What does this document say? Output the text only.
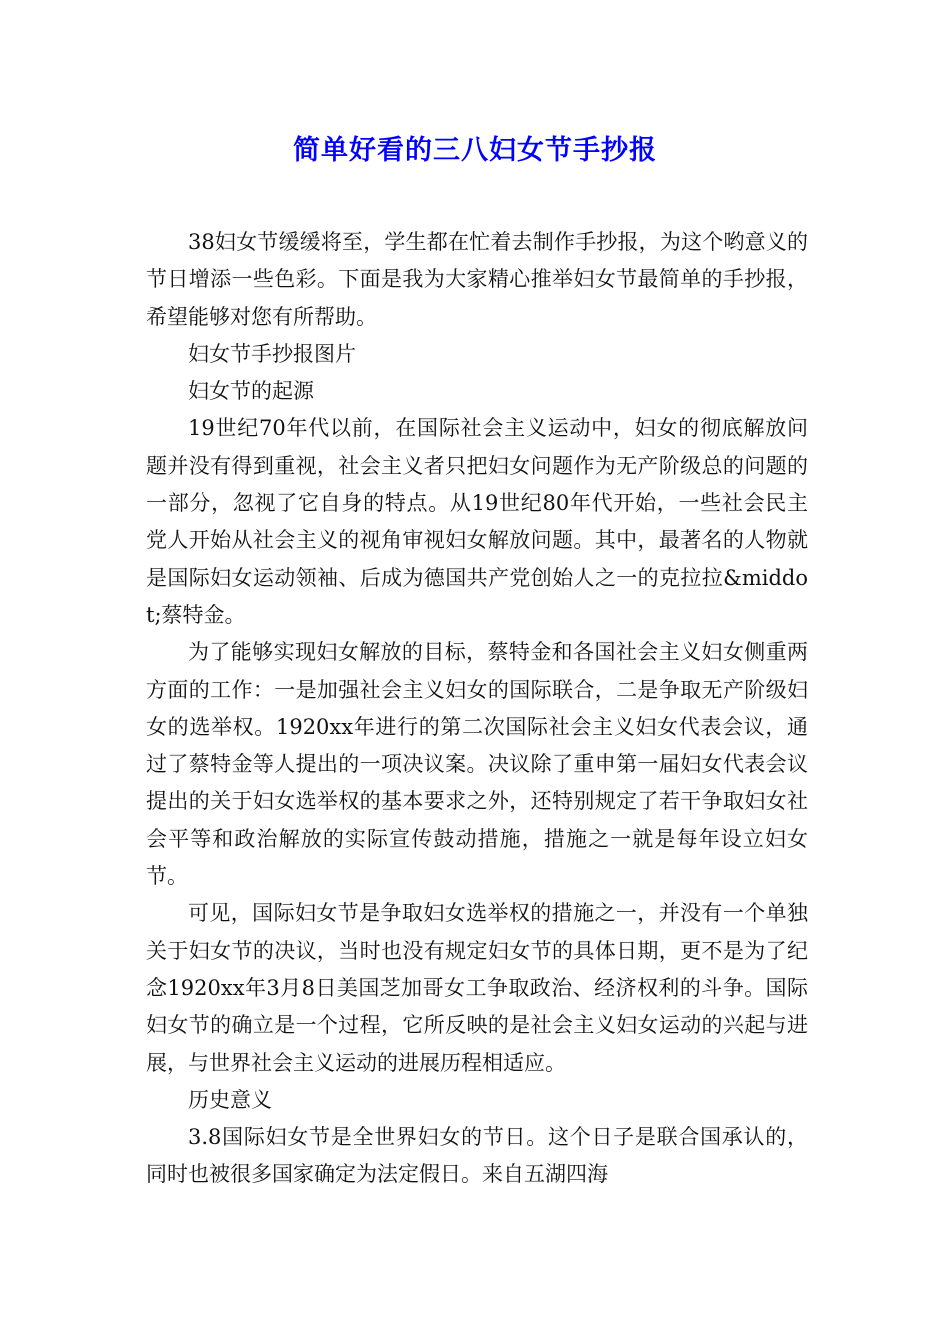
简单好看的三八妇女节手抄报

38妇女节缓缓将至，学生都在忙着去制作手抄报，为这个哟意义的节日增添一些色彩。下面是我为大家精心推举妇女节最简单的手抄报，希望能够对您有所帮助。

妇女节手抄报图片

妇女节的起源

19世纪70年代以前，在国际社会主义运动中，妇女的彻底解放问题并没有得到重视，社会主义者只把妇女问题作为无产阶级总的问题的一部分，忽视了它自身的特点。从19世纪80年代开始，一些社会民主党人开始从社会主义的视角审视妇女解放问题。其中，最著名的人物就是国际妇女运动领袖、后成为德国共产党创始人之一的克拉拉&middot;蔡特金。

为了能够实现妇女解放的目标，蔡特金和各国社会主义妇女侧重两方面的工作：一是加强社会主义妇女的国际联合，二是争取无产阶级妇女的选举权。1920xx年进行的第二次国际社会主义妇女代表会议，通过了蔡特金等人提出的一项决议案。决议除了重申第一届妇女代表会议提出的关于妇女选举权的基本要求之外，还特别规定了若干争取妇女社会平等和政治解放的实际宣传鼓动措施，措施之一就是每年设立妇女节。

可见，国际妇女节是争取妇女选举权的措施之一，并没有一个单独关于妇女节的决议，当时也没有规定妇女节的具体日期，更不是为了纪念1920xx年3月8日美国芝加哥女工争取政治、经济权利的斗争。国际妇女节的确立是一个过程，它所反映的是社会主义妇女运动的兴起与进展，与世界社会主义运动的进展历程相适应。

历史意义

3.8国际妇女节是全世界妇女的节日。这个日子是联合国承认的，同时也被很多国家确定为法定假日。来自五湖四海
